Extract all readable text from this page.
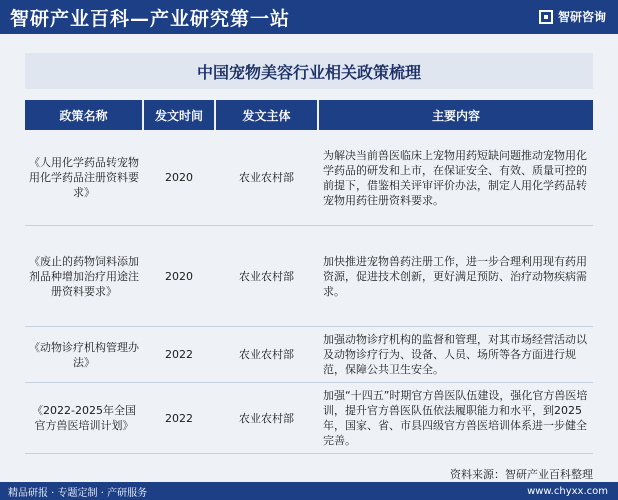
智研产业百科—产业研究第一站	智研咨询
中国宠物美容行业相关政策梳理
政策名称	发文时间	发文主体	主要内容
《人用化学药品转宠物用化学药品注册资料要求》	2020	农业农村部	为解决当前兽医临床上宠物用药短缺问题推动宠物用化学药品的研发和上市，在保证安全、有效、质量可控的前提下，借鉴相关评审评价办法，制定人用化学药品转宠物用药往册资料要求。
《废止的药物饲料添加剂品种增加治疗用途注册资料要求》	2020	农业农村部	加快推进宠物兽药注册工作，进一步合理利用现有药用资源，促进技术创新，更好满足预防、治疗动物疾病需求。
《动物诊疗机构管理办法》	2022	农业农村部	加强动物诊疗机构的监督和管理，对其市场经营活动以及动物诊疗行为、设备、人员、场所等各方面进行规范，保障公共卫生安全。
《2022-2025年全国官方兽医培训计划》	2022	农业农村部	加强“十四五”时期官方兽医队伍建设，强化官方兽医培训，提升官方兽医队伍依法履职能力和水平，到2025年，国家、省、市县四级官方兽医培训体系进一步健全完善。
资料来源：智研产业百科整理
精品研报 · 专题定制 · 产研服务	www.chyxx.com
